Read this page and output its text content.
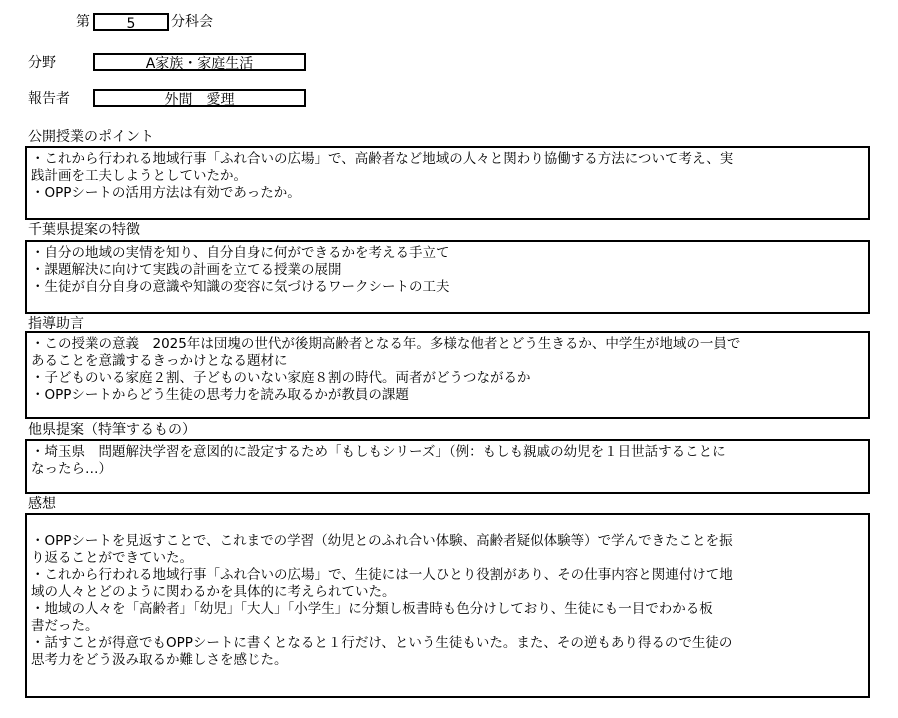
第	5	分科会
分野	A家族・家庭生活
報告者	外間　愛理
公開授業のポイント
・これから行われる地域行事「ふれ合いの広場」で、高齢者など地域の人々と関わり協働する方法について考え、実
践計画を工夫しようとしていたか。
・OPPシートの活用方法は有効であったか。
千葉県提案の特徴
・自分の地域の実情を知り、自分自身に何ができるかを考える手立て
・課題解決に向けて実践の計画を立てる授業の展開
・生徒が自分自身の意識や知識の変容に気づけるワークシートの工夫
指導助言
・この授業の意義　2025年は団塊の世代が後期高齢者となる年。多様な他者とどう生きるか、中学生が地域の一員で
あることを意識するきっかけとなる題材に
・子どものいる家庭２割、子どものいない家庭８割の時代。両者がどうつながるか
・OPPシートからどう生徒の思考力を読み取るかが教員の課題
他県提案（特筆するもの）
・埼玉県　問題解決学習を意図的に設定するため「もしもシリーズ」（例：もしも親戚の幼児を１日世話することに
なったら…）
感想
・OPPシートを見返すことで、これまでの学習（幼児とのふれ合い体験、高齢者疑似体験等）で学んできたことを振
り返ることができていた。
・これから行われる地域行事「ふれ合いの広場」で、生徒には一人ひとり役割があり、その仕事内容と関連付けて地
域の人々とどのように関わるかを具体的に考えられていた。
・地域の人々を「高齢者」「幼児」「大人」「小学生」に分類し板書時も色分けしており、生徒にも一目でわかる板
書だった。
・話すことが得意でもOPPシートに書くとなると１行だけ、という生徒もいた。また、その逆もあり得るので生徒の
思考力をどう汲み取るか難しさを感じた。
